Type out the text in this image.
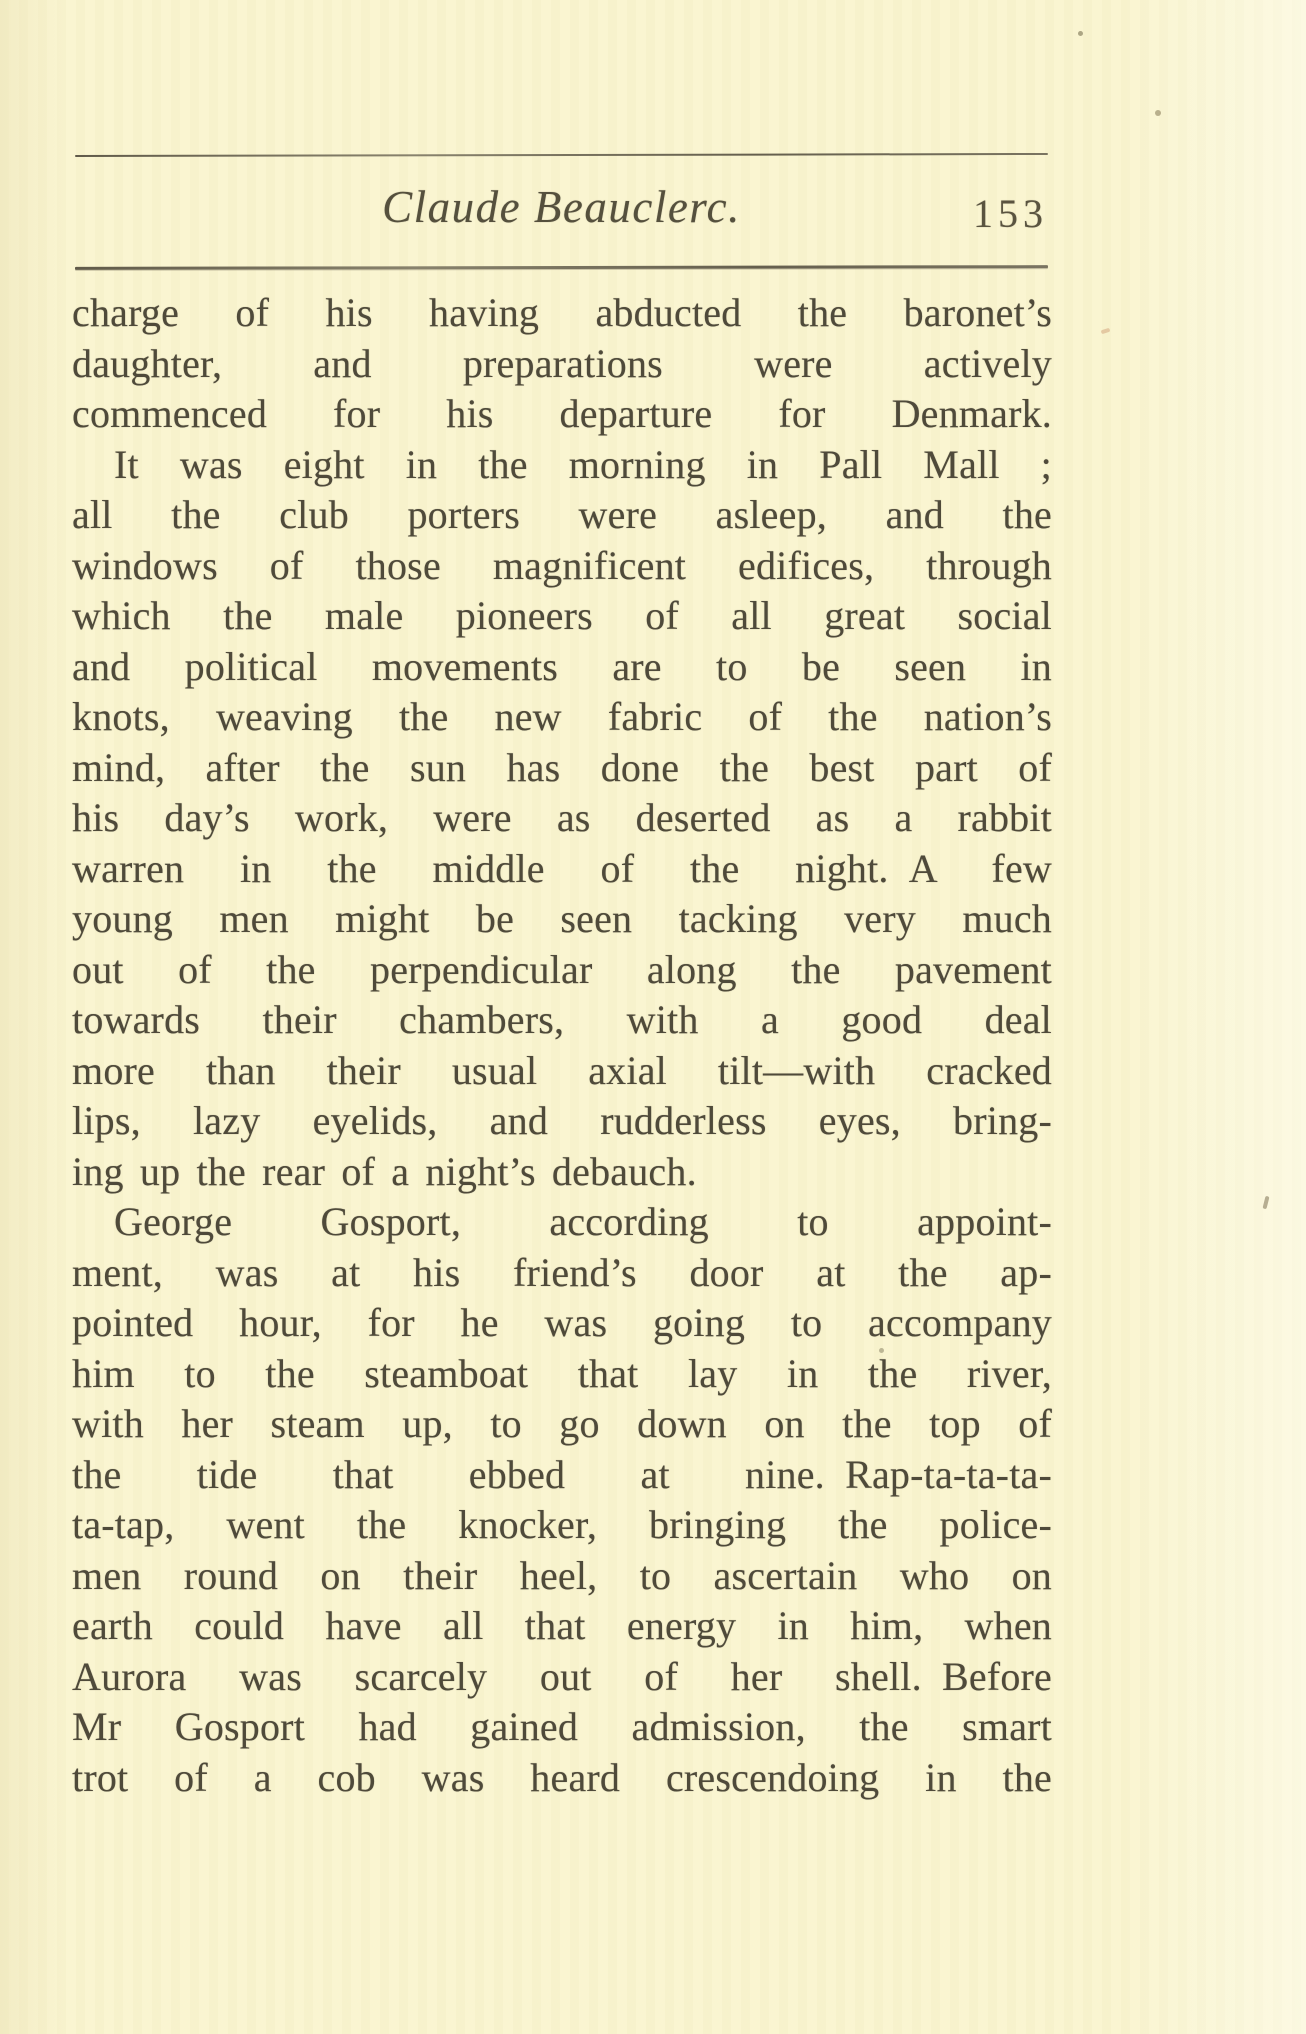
Claude Beauclerc.	153
charge of his having abducted the baronet’s
daughter, and preparations were actively
commenced for his departure for Denmark.
It was eight in the morning in Pall Mall ;
all the club porters were asleep, and the
windows of those magnificent edifices, through
which the male pioneers of all great social
and political movements are to be seen in
knots, weaving the new fabric of the nation’s
mind, after the sun has done the best part of
his day’s work, were as deserted as a rabbit
warren in the middle of the night. A few
young men might be seen tacking very much
out of the perpendicular along the pavement
towards their chambers, with a good deal
more than their usual axial tilt—with cracked
lips, lazy eyelids, and rudderless eyes, bring-
ing up the rear of a night’s debauch.
George Gosport, according to appoint-
ment, was at his friend’s door at the ap-
pointed hour, for he was going to accompany
him to the steamboat that lay in the river,
with her steam up, to go down on the top of
the tide that ebbed at nine. Rap-ta-ta-ta-
ta-tap, went the knocker, bringing the police-
men round on their heel, to ascertain who on
earth could have all that energy in him, when
Aurora was scarcely out of her shell. Before
Mr Gosport had gained admission, the smart
trot of a cob was heard crescendoing in the
